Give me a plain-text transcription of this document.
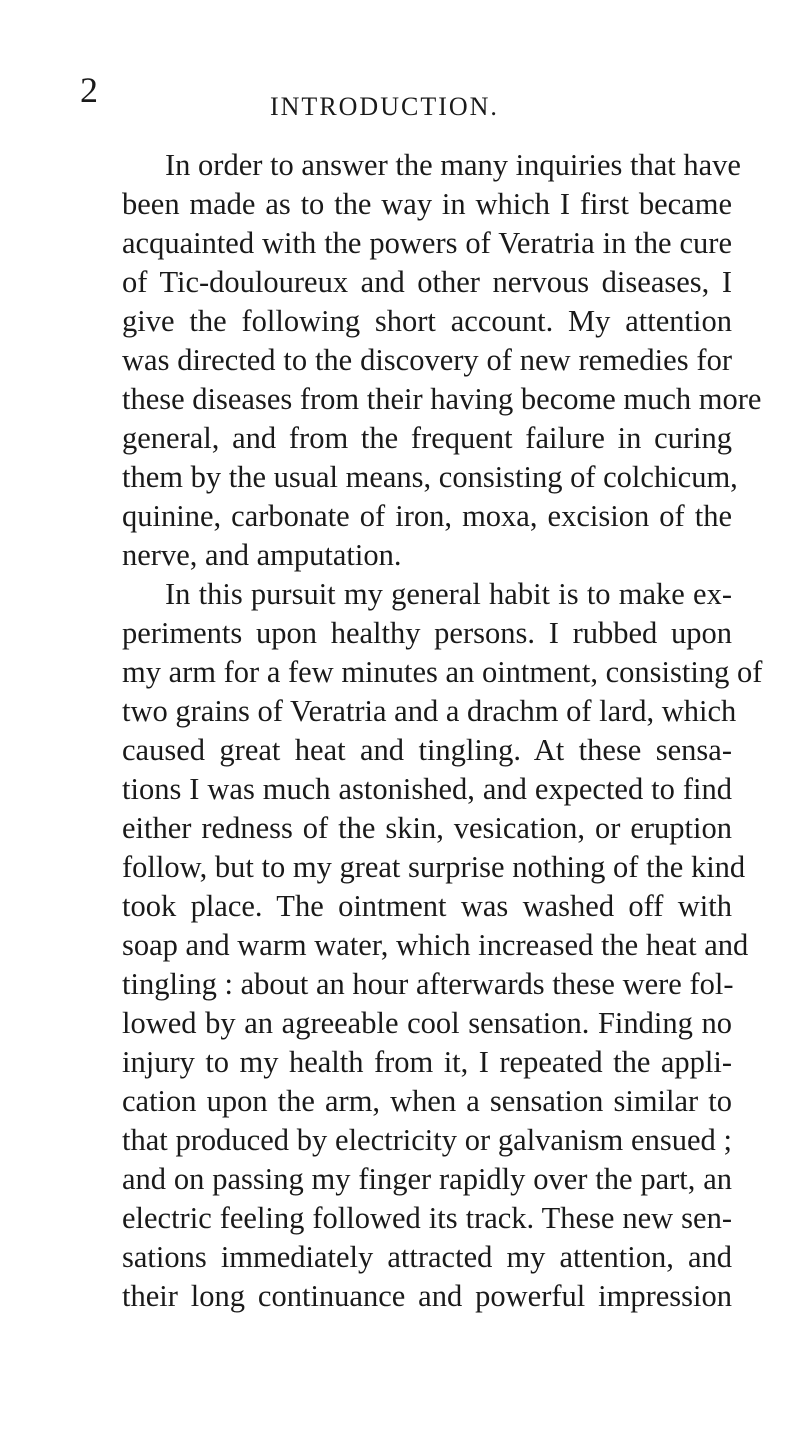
2	INTRODUCTION.
In order to answer the many inquiries that have
been made as to the way in which I first became
acquainted with the powers of Veratria in the cure
of Tic-douloureux and other nervous diseases, I
give the following short account. My attention
was directed to the discovery of new remedies for
these diseases from their having become much more
general, and from the frequent failure in curing
them by the usual means, consisting of colchicum,
quinine, carbonate of iron, moxa, excision of the
nerve, and amputation.
In this pursuit my general habit is to make ex-
periments upon healthy persons. I rubbed upon
my arm for a few minutes an ointment, consisting of
two grains of Veratria and a drachm of lard, which
caused great heat and tingling. At these sensa-
tions I was much astonished, and expected to find
either redness of the skin, vesication, or eruption
follow, but to my great surprise nothing of the kind
took place. The ointment was washed off with
soap and warm water, which increased the heat and
tingling : about an hour afterwards these were fol-
lowed by an agreeable cool sensation. Finding no
injury to my health from it, I repeated the appli-
cation upon the arm, when a sensation similar to
that produced by electricity or galvanism ensued ;
and on passing my finger rapidly over the part, an
electric feeling followed its track. These new sen-
sations immediately attracted my attention, and
their long continuance and powerful impression
